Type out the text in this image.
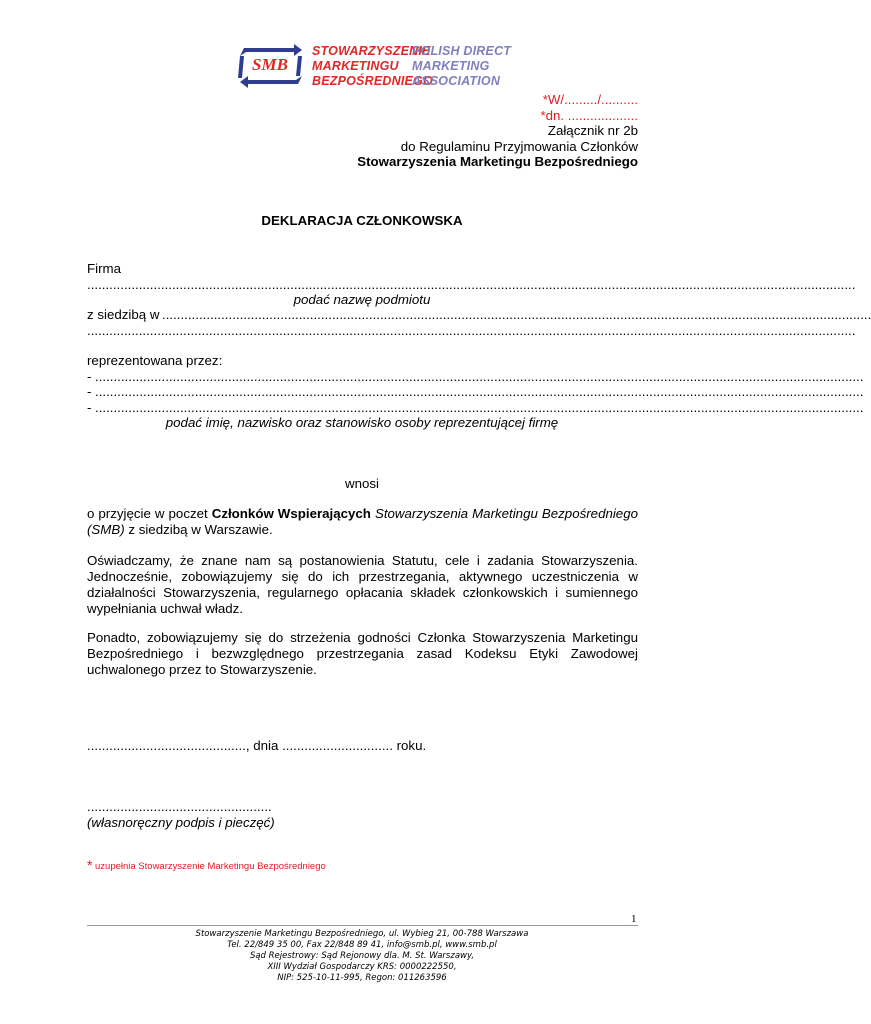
SMB
STOWARZYSZENIE
MARKETINGU
BEZPOŚREDNIEGO
POLISH DIRECT
MARKETING
ASSOCIATION
*W/........./..........
*dn. ...................
Załącznik nr 2b
do Regulaminu Przyjmowania Członków
Stowarzyszenia Marketingu Bezpośredniego
DEKLARACJA CZŁONKOWSKA
Firma
................................................................................................................................................................................................................
podać nazwę podmiotu
z siedzibą w ................................................................................................................................................................................................
................................................................................................................................................................................................................
reprezentowana przez:
- ................................................................................................................................................................................................................
- ................................................................................................................................................................................................................
- ................................................................................................................................................................................................................
podać imię, nazwisko oraz stanowisko osoby reprezentującej firmę
wnosi
o przyjęcie w poczet Członków Wspierających Stowarzyszenia Marketingu Bezpośredniego (SMB) z siedzibą w Warszawie.
Oświadczamy, że znane nam są postanowienia Statutu, cele i zadania Stowarzyszenia. Jednocześnie, zobowiązujemy się do ich przestrzegania, aktywnego uczestniczenia w działalności Stowarzyszenia, regularnego opłacania składek członkowskich i sumiennego wypełniania uchwał władz.
Ponadto, zobowiązujemy się do strzeżenia godności Członka Stowarzyszenia Marketingu Bezpośredniego i bezwzględnego przestrzegania zasad Kodeksu Etyki Zawodowej uchwalonego przez to Stowarzyszenie.
..........................................., dnia .............................. roku.
..................................................
(własnoręczny podpis i pieczęć)
* uzupełnia Stowarzyszenie Marketingu Bezpośredniego
1
Stowarzyszenie Marketingu Bezpośredniego, ul. Wybieg 21, 00-788 Warszawa
Tel. 22/849 35 00, Fax 22/848 89 41, info@smb.pl, www.smb.pl
Sąd Rejestrowy: Sąd Rejonowy dla. M. St. Warszawy,
XIII Wydział Gospodarczy KRS: 0000222550,
NIP: 525-10-11-995, Regon: 011263596
